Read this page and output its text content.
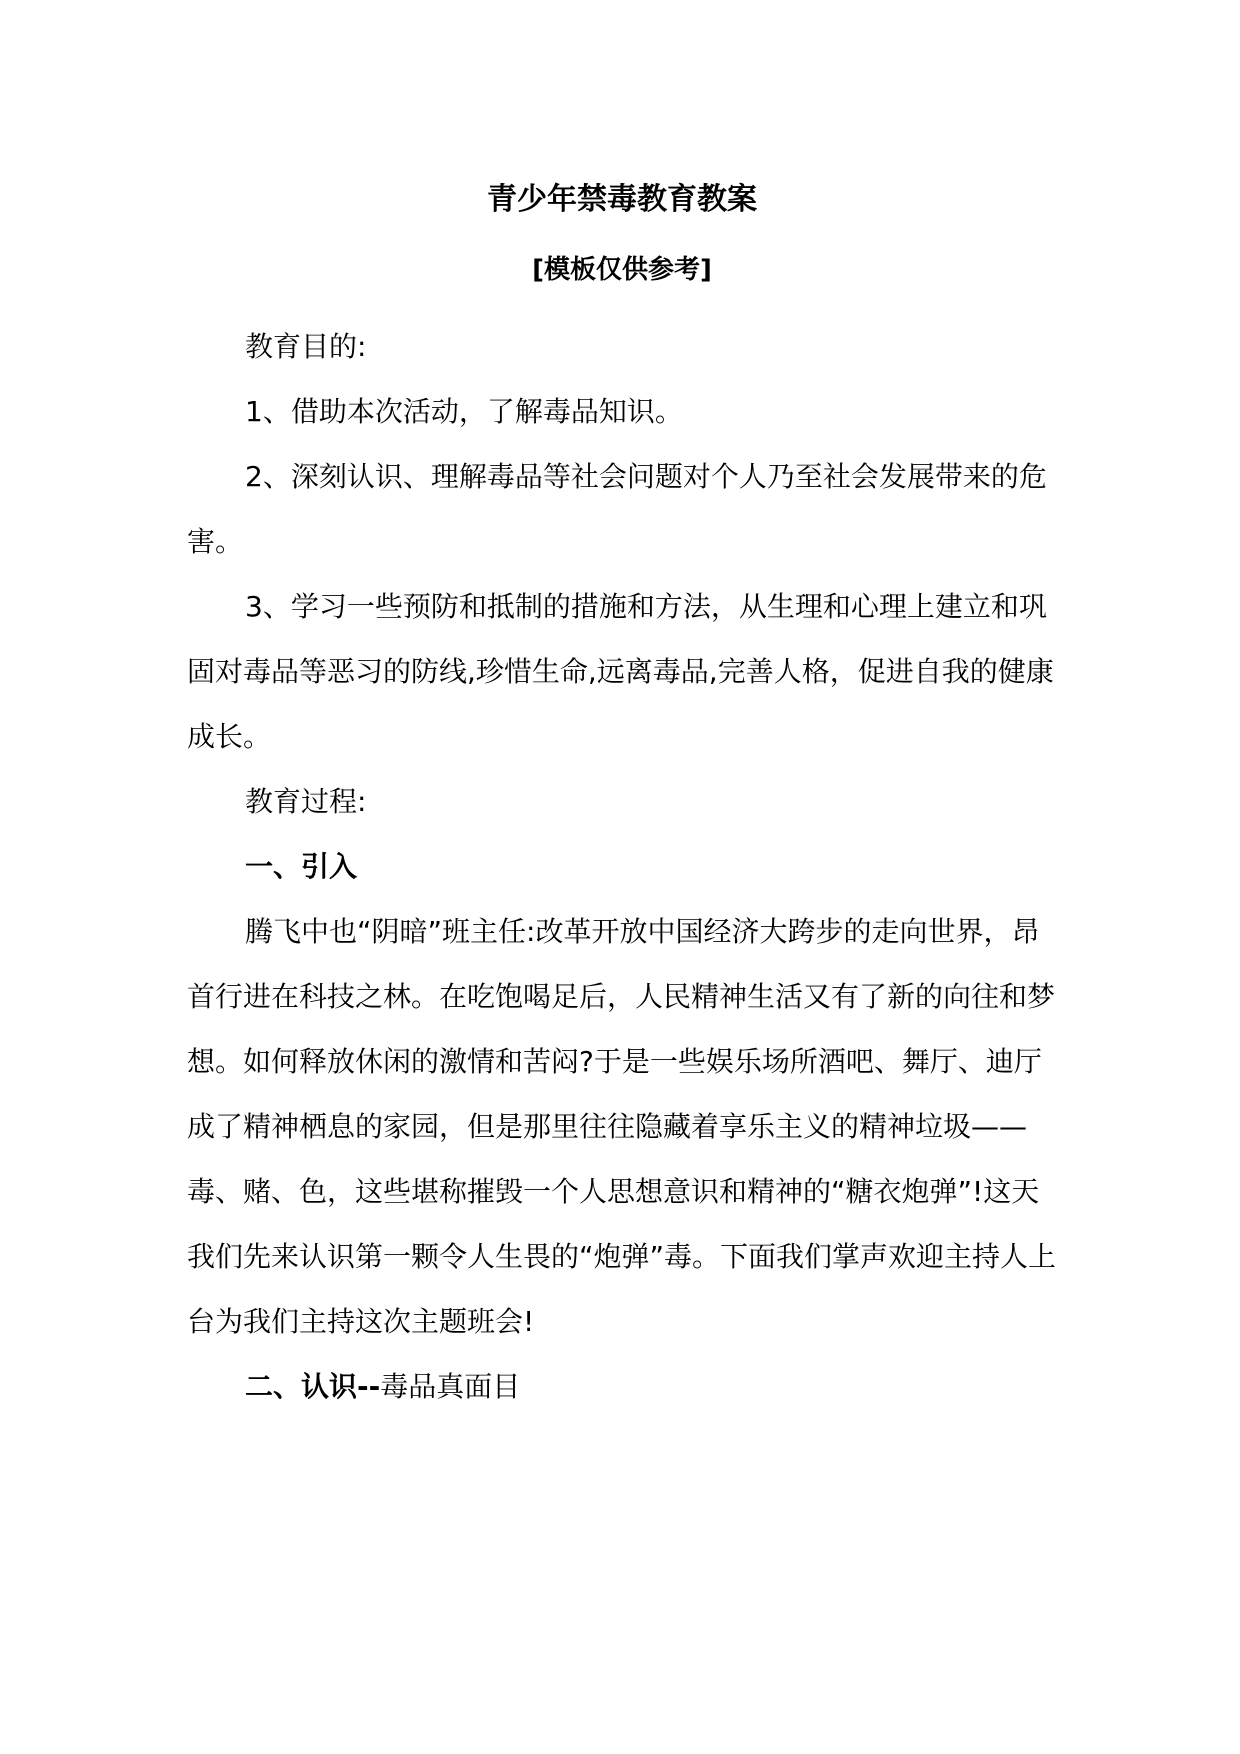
青少年禁毒教育教案
[模板仅供参考]

教育目的:

1、借助本次活动，了解毒品知识。

2、深刻认识、理解毒品等社会问题对个人乃至社会发展带来的危害。

3、学习一些预防和抵制的措施和方法，从生理和心理上建立和巩固对毒品等恶习的防线,珍惜生命,远离毒品,完善人格，促进自我的健康成长。

教育过程:

一、引入

腾飞中也“阴暗”班主任:改革开放中国经济大跨步的走向世界，昂首行进在科技之林。在吃饱喝足后，人民精神生活又有了新的向往和梦想。如何释放休闲的激情和苦闷?于是一些娱乐场所酒吧、舞厅、迪厅成了精神栖息的家园，但是那里往往隐藏着享乐主义的精神垃圾——毒、赌、色，这些堪称摧毁一个人思想意识和精神的“糖衣炮弹”!这天我们先来认识第一颗令人生畏的“炮弹”毒。下面我们掌声欢迎主持人上台为我们主持这次主题班会!

二、认识--毒品真面目
